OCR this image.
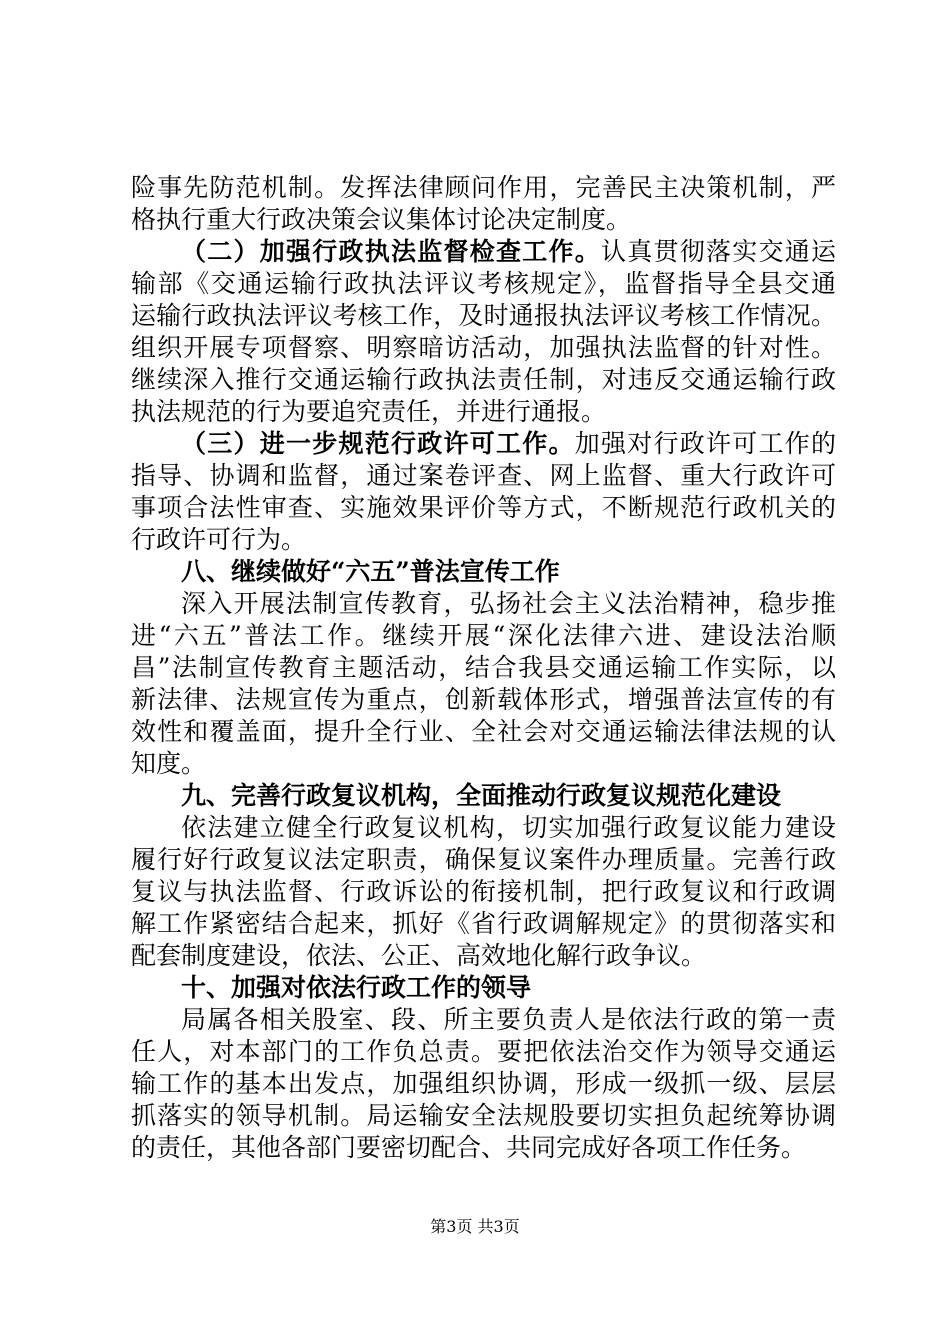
险事先防范机制。发挥法律顾问作用，完善民主决策机制，严
格执行重大行政决策会议集体讨论决定制度。
（二）加强行政执法监督检查工作。认真贯彻落实交通运
输部《交通运输行政执法评议考核规定》，监督指导全县交通
运输行政执法评议考核工作，及时通报执法评议考核工作情况。
组织开展专项督察、明察暗访活动，加强执法监督的针对性。
继续深入推行交通运输行政执法责任制，对违反交通运输行政
执法规范的行为要追究责任，并进行通报。
（三）进一步规范行政许可工作。加强对行政许可工作的
指导、协调和监督，通过案卷评查、网上监督、重大行政许可
事项合法性审查、实施效果评价等方式，不断规范行政机关的
行政许可行为。
八、继续做好“六五”普法宣传工作
深入开展法制宣传教育，弘扬社会主义法治精神，稳步推
进“六五”普法工作。继续开展“深化法律六进、建设法治顺
昌”法制宣传教育主题活动，结合我县交通运输工作实际，以
新法律、法规宣传为重点，创新载体形式，增强普法宣传的有
效性和覆盖面，提升全行业、全社会对交通运输法律法规的认
知度。
九、完善行政复议机构，全面推动行政复议规范化建设
依法建立健全行政复议机构，切实加强行政复议能力建设
履行好行政复议法定职责，确保复议案件办理质量。完善行政
复议与执法监督、行政诉讼的衔接机制，把行政复议和行政调
解工作紧密结合起来，抓好《省行政调解规定》的贯彻落实和
配套制度建设，依法、公正、高效地化解行政争议。
十、加强对依法行政工作的领导
局属各相关股室、段、所主要负责人是依法行政的第一责
任人，对本部门的工作负总责。要把依法治交作为领导交通运
输工作的基本出发点，加强组织协调，形成一级抓一级、层层
抓落实的领导机制。局运输安全法规股要切实担负起统筹协调
的责任，其他各部门要密切配合、共同完成好各项工作任务。
第3页 共3页
